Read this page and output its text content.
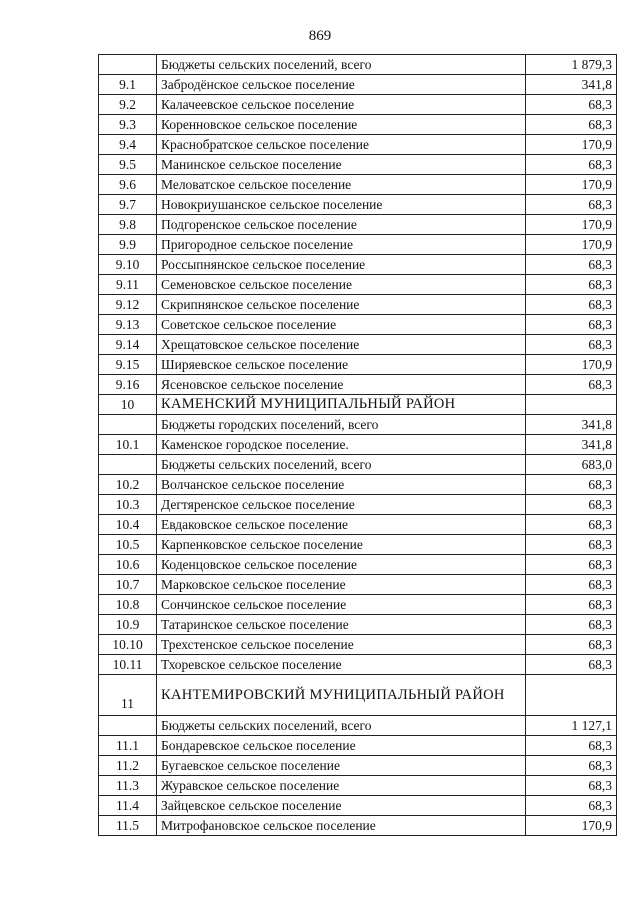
869
	Бюджеты сельских поселений, всего	1 879,3
9.1	Забродёнское сельское поселение	341,8
9.2	Калачеевское сельское поселение	68,3
9.3	Коренновское сельское поселение	68,3
9.4	Краснобратское сельское поселение	170,9
9.5	Манинское сельское поселение	68,3
9.6	Меловатское сельское поселение	170,9
9.7	Новокриушанское сельское поселение	68,3
9.8	Подгоренское сельское поселение	170,9
9.9	Пригородное сельское поселение	170,9
9.10	Россыпнянское сельское поселение	68,3
9.11	Семеновское сельское поселение	68,3
9.12	Скрипнянское сельское поселение	68,3
9.13	Советское сельское поселение	68,3
9.14	Хрещатовское сельское поселение	68,3
9.15	Ширяевское сельское поселение	170,9
9.16	Ясеновское сельское поселение	68,3
10	КАМЕНСКИЙ МУНИЦИПАЛЬНЫЙ РАЙОН	
	Бюджеты городских поселений, всего	341,8
10.1	Каменское городское поселение.	341,8
	Бюджеты сельских поселений, всего	683,0
10.2	Волчанское сельское поселение	68,3
10.3	Дегтяренское сельское поселение	68,3
10.4	Евдаковское сельское поселение	68,3
10.5	Карпенковское сельское поселение	68,3
10.6	Коденцовское сельское поселение	68,3
10.7	Марковское сельское поселение	68,3
10.8	Сончинское сельское поселение	68,3
10.9	Татаринское сельское поселение	68,3
10.10	Трехстенское сельское поселение	68,3
10.11	Тхоревское сельское поселение	68,3
11	КАНТЕМИРОВСКИЙ МУНИЦИПАЛЬНЫЙ РАЙОН	
	Бюджеты сельских поселений, всего	1 127,1
11.1	Бондаревское сельское поселение	68,3
11.2	Бугаевское сельское поселение	68,3
11.3	Журавское сельское поселение	68,3
11.4	Зайцевское сельское поселение	68,3
11.5	Митрофановское сельское поселение	170,9
